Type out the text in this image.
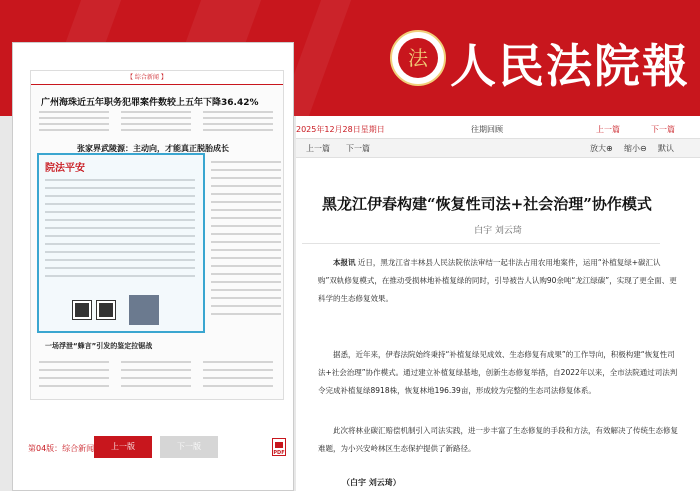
法 人民法院報
【 综合新闻 】
广州海珠近五年职务犯罪案件数较上五年下降36.42%
张家界武陵源：主动向，才能真正脱胎成长
院法平安
一场浮泄“蜂言”引发的鉴定拉锯战
第04版：综合新闻	上一版	下一版
PDF
2025年12月28日星期日	往期回顾	上一篇	下一篇
上一篇 下一篇	放大⊕ 缩小⊖ 默认
黑龙江伊春构建“恢复性司法+社会治理”协作模式
白宇 刘云琦
本报讯 近日，黑龙江省丰林县人民法院依法审结一起非法占用农用地案件，运用“补植复绿+碳汇认购”双轨修复模式，在推动受损林地补植复绿的同时，引导被告人认购90余吨“龙江绿碳”，实现了更全面、更科学的生态修复效果。
据悉，近年来，伊春法院始终秉持“补植复绿见成效、生态修复有成果”的工作导向，积极构建“恢复性司法+社会治理”协作模式。通过建立补植复绿基地，创新生态修复举措，自2022年以来，全市法院通过司法判令完成补植复绿8918株，恢复林地196.39亩，形成较为完整的生态司法修复体系。
此次将林业碳汇赔偿机制引入司法实践，进一步丰富了生态修复的手段和方法，有效解决了传统生态修复难题，为小兴安岭林区生态保护提供了新路径。
（白宇 刘云琦）
